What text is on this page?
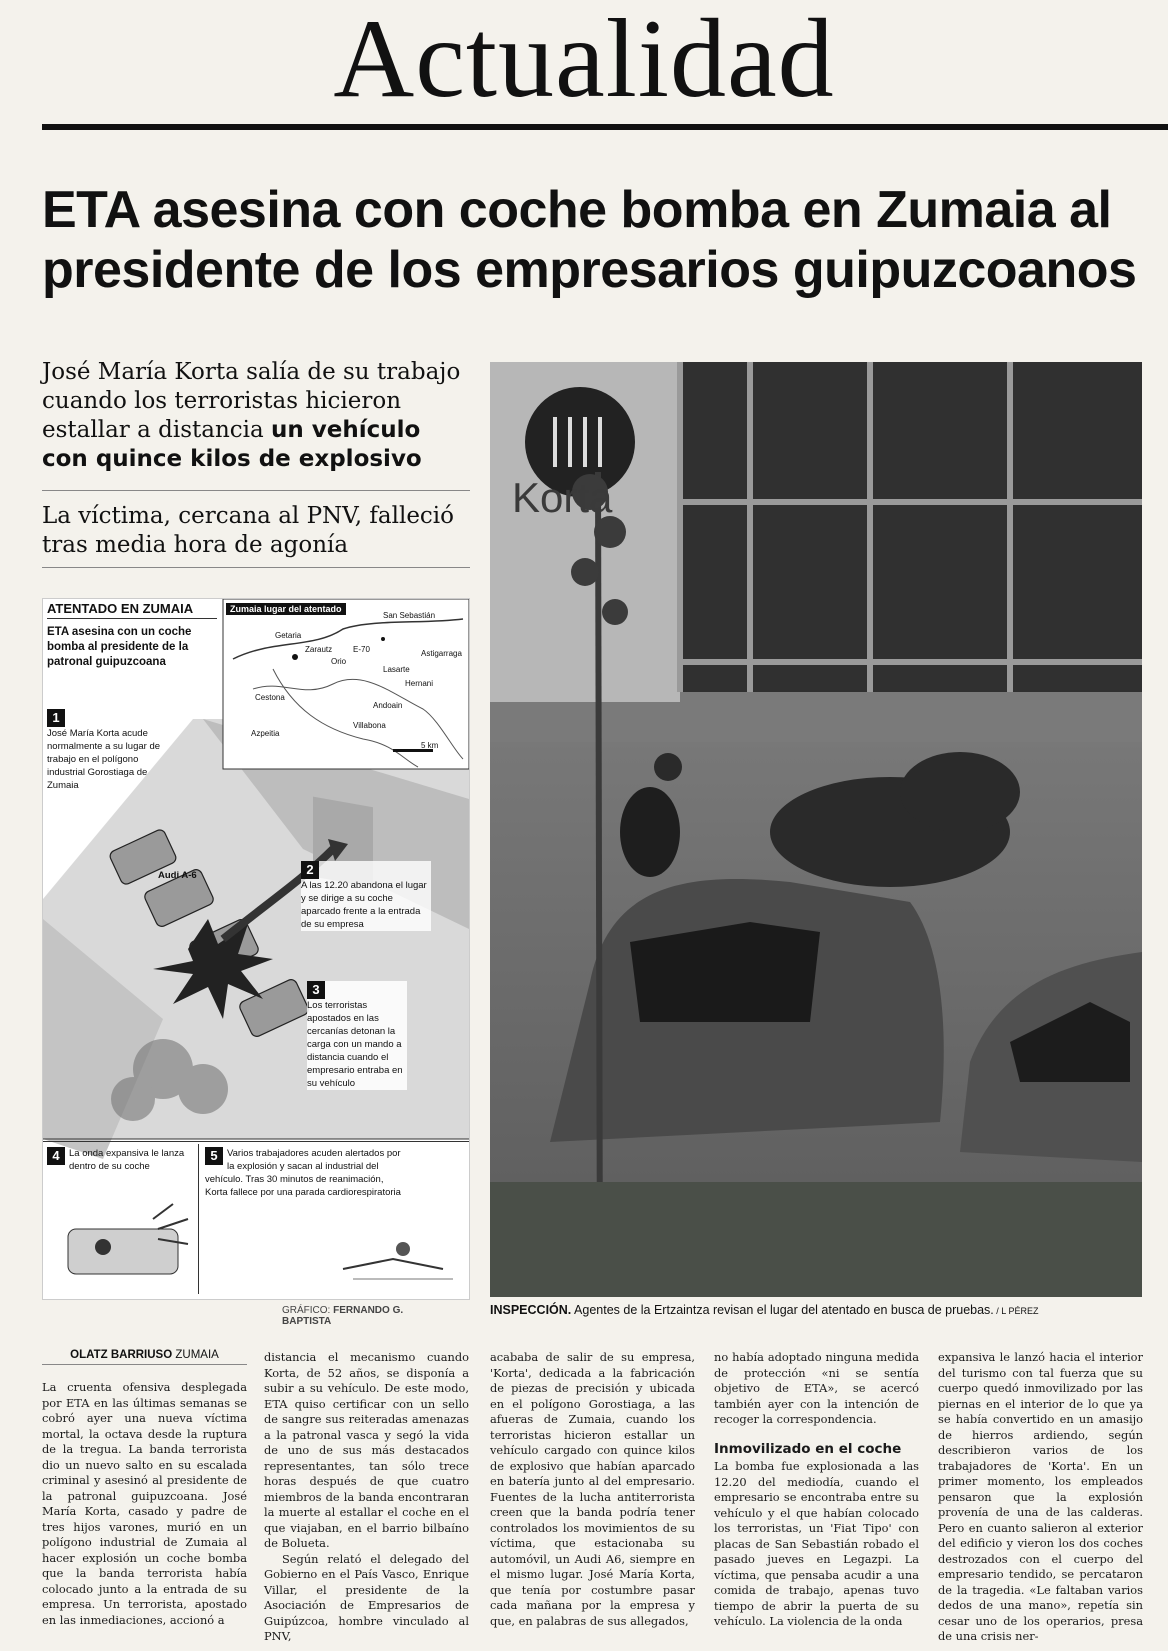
Actualidad
ETA asesina con coche bomba en Zumaia al presidente de los empresarios guipuzcoanos
José María Korta salía de su trabajo cuando los terroristas hicieron estallar a distancia un vehículo con quince kilos de explosivo
La víctima, cercana al PNV, falleció tras media hora de agonía
ATENTADO EN ZUMAIA
ETA asesina con un coche bomba al presidente de la patronal guipuzcoana
Zumaia lugar del atentado
San Sebastián
Getaria
Zarautz	E-70
Orio
Lasarte
Astigarraga
Hernani
Cestona
Andoain
Villabona
Azpeitia
5 km
1
José María Korta acude normalmente a su lugar de trabajo en el polígono industrial Gorostiaga de Zumaia
Audi A-6	2
A las 12.20 abandona el lugar y se dirige a su coche aparcado frente a la entrada de su empresa
3
Los terroristas apostados en las cercanías detonan la carga con un mando a distancia cuando el empresario entraba en su vehículo
4 La onda expansiva le lanza dentro de su coche
5 Varios trabajadores acuden alertados por la explosión y sacan al industrial del vehículo. Tras 30 minutos de reanimación, Korta fallece por una parada cardiorespiratoria
GRÁFICO: FERNANDO G. BAPTISTA
Korta
INSPECCIÓN. Agentes de la Ertzaintza revisan el lugar del atentado en busca de pruebas. / L PÉREZ
OLATZ BARRIUSO ZUMAIA

La cruenta ofensiva desplegada por ETA en las últimas semanas se cobró ayer una nueva víctima mortal, la octava desde la ruptura de la tregua. La banda terrorista dio un nuevo salto en su escalada criminal y asesinó al presidente de la patronal guipuzcoana. José María Korta, casado y padre de tres hijos varones, murió en un polígono industrial de Zumaia al hacer explosión un coche bomba que la banda terrorista había colocado junto a la entrada de su empresa. Un terrorista, apostado en las inmediaciones, accionó a

distancia el mecanismo cuando Korta, de 52 años, se disponía a subir a su vehículo. De este modo, ETA quiso certificar con un sello de sangre sus reiteradas amenazas a la patronal vasca y segó la vida de uno de sus más destacados representantes, tan sólo trece horas después de que cuatro miembros de la banda encontraran la muerte al estallar el coche en el que viajaban, en el barrio bilbaíno de Bolueta.

Según relató el delegado del Gobierno en el País Vasco, Enrique Villar, el presidente de la Asociación de Empresarios de Guipúzcoa, hombre vinculado al PNV,

acababa de salir de su empresa, 'Korta', dedicada a la fabricación de piezas de precisión y ubicada en el polígono Gorostiaga, a las afueras de Zumaia, cuando los terroristas hicieron estallar un vehículo cargado con quince kilos de explosivo que habían aparcado en batería junto al del empresario. Fuentes de la lucha antiterrorista creen que la banda podría tener controlados los movimientos de su víctima, que estacionaba su automóvil, un Audi A6, siempre en el mismo lugar. José María Korta, que tenía por costumbre pasar cada mañana por la empresa y que, en palabras de sus allegados,

no había adoptado ninguna medida de protección «ni se sentía objetivo de ETA», se acercó también ayer con la intención de recoger la correspondencia.

Inmovilizado en el coche

La bomba fue explosionada a las 12.20 del mediodía, cuando el empresario se encontraba entre su vehículo y el que habían colocado los terroristas, un 'Fiat Tipo' con placas de San Sebastián robado el pasado jueves en Legazpi. La víctima, que pensaba acudir a una comida de trabajo, apenas tuvo tiempo de abrir la puerta de su vehículo. La violencia de la onda

expansiva le lanzó hacia el interior del turismo con tal fuerza que su cuerpo quedó inmovilizado por las piernas en el interior de lo que ya se había convertido en un amasijo de hierros ardiendo, según describieron varios de los trabajadores de 'Korta'. En un primer momento, los empleados pensaron que la explosión provenía de una de las calderas. Pero en cuanto salieron al exterior del edificio y vieron los dos coches destrozados con el cuerpo del empresario tendido, se percataron de la tragedia. «Le faltaban varios dedos de una mano», repetía sin cesar uno de los operarios, presa de una crisis ner-
